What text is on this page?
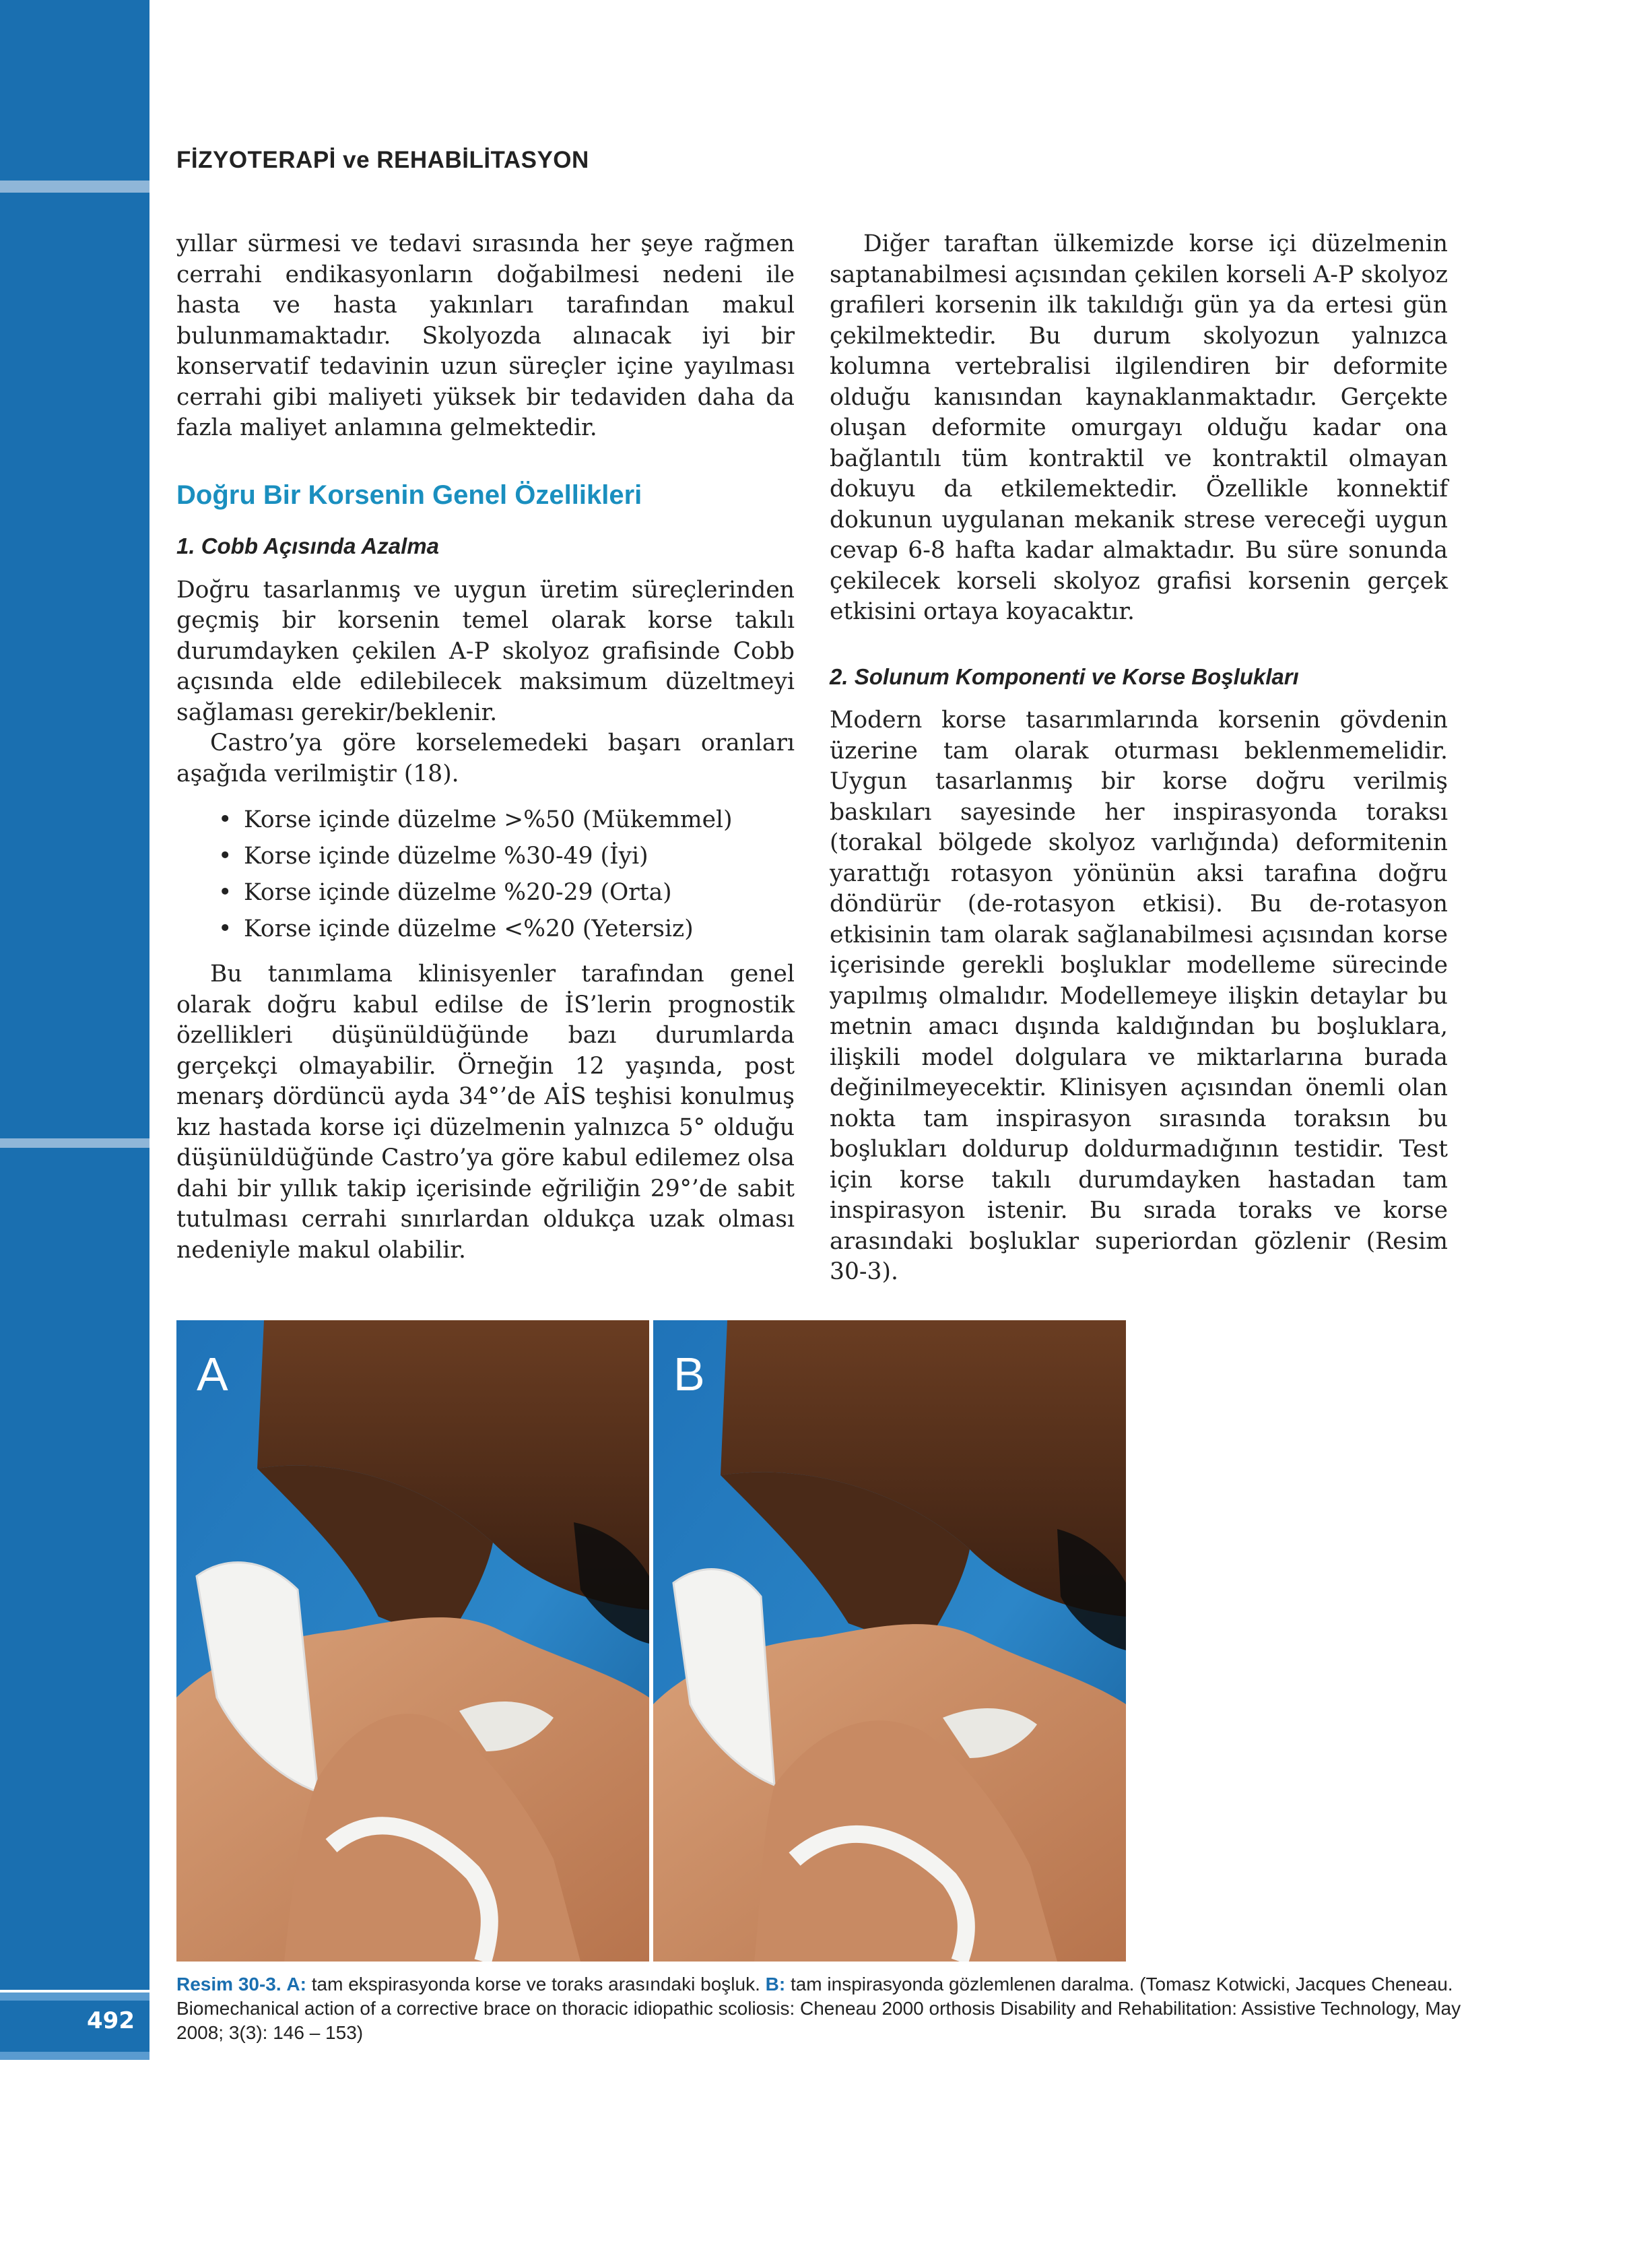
492
FİZYOTERAPİ ve REHABİLİTASYON

yıllar sürmesi ve tedavi sırasında her şeye rağmen cerrahi endikasyonların doğabilmesi nedeni ile hasta ve hasta yakınları tarafından makul bulunmamaktadır. Skolyozda alınacak iyi bir konservatif tedavinin uzun süreçler içine yayılması cerrahi gibi maliyeti yüksek bir tedaviden daha da fazla maliyet anlamına gelmektedir.

Doğru Bir Korsenin Genel Özellikleri
1. Cobb Açısında Azalma

Doğru tasarlanmış ve uygun üretim süreçlerinden geçmiş bir korsenin temel olarak korse takılı durumdayken çekilen A-P skolyoz grafisinde Cobb açısında elde edilebilecek maksimum düzeltmeyi sağlaması gerekir/beklenir.

Castro’ya göre korselemedeki başarı oranları aşağıda verilmiştir (18).

• Korse içinde düzelme >%50 (Mükemmel)
• Korse içinde düzelme %30-49 (İyi)
• Korse içinde düzelme %20-29 (Orta)
• Korse içinde düzelme <%20 (Yetersiz)

Bu tanımlama klinisyenler tarafından genel olarak doğru kabul edilse de İS’lerin prognostik özellikleri düşünüldüğünde bazı durumlarda gerçekçi olmayabilir. Örneğin 12 yaşında, post menarş dördüncü ayda 34°’de AİS teşhisi konulmuş kız hastada korse içi düzelmenin yalnızca 5° olduğu düşünüldüğünde Castro’ya göre kabul edilemez olsa dahi bir yıllık takip içerisinde eğriliğin 29°’de sabit tutulması cerrahi sınırlardan oldukça uzak olması nedeniyle makul olabilir.

Diğer taraftan ülkemizde korse içi düzelmenin saptanabilmesi açısından çekilen korseli A-P skolyoz grafileri korsenin ilk takıldığı gün ya da ertesi gün çekilmektedir. Bu durum skolyozun yalnızca kolumna vertebralisi ilgilendiren bir deformite olduğu kanısından kaynaklanmaktadır. Gerçekte oluşan deformite omurgayı olduğu kadar ona bağlantılı tüm kontraktil ve kontraktil olmayan dokuyu da etkilemektedir. Özellikle konnektif dokunun uygulanan mekanik strese vereceği uygun cevap 6-8 hafta kadar almaktadır. Bu süre sonunda çekilecek korseli skolyoz grafisi korsenin gerçek etkisini ortaya koyacaktır.

2. Solunum Komponenti ve Korse Boşlukları

Modern korse tasarımlarında korsenin gövdenin üzerine tam olarak oturması beklenmemelidir. Uygun tasarlanmış bir korse doğru verilmiş baskıları sayesinde her inspirasyonda toraksı (torakal bölgede skolyoz varlığında) deformitenin yarattığı rotasyon yönünün aksi tarafına doğru döndürür (de-rotasyon etkisi). Bu de-rotasyon etkisinin tam olarak sağlanabilmesi açısından korse içerisinde gerekli boşluklar modelleme sürecinde yapılmış olmalıdır. Modellemeye ilişkin detaylar bu metnin amacı dışında kaldığından bu boşluklara, ilişkili model dolgulara ve miktarlarına burada değinilmeyecektir. Klinisyen açısından önemli olan nokta tam inspirasyon sırasında toraksın bu boşlukları doldurup doldurmadığının testidir. Test için korse takılı durumdayken hastadan tam inspirasyon istenir. Bu sırada toraks ve korse arasındaki boşluklar superiordan gözlenir (Resim 30-3).

A	B
Resim 30-3. A: tam ekspirasyonda korse ve toraks arasındaki boşluk. B: tam inspirasyonda gözlemlenen daralma. (Tomasz Kotwicki, Jacques Cheneau. Biomechanical action of a corrective brace on thoracic idiopathic scoliosis: Cheneau 2000 orthosis Disability and Rehabilitation: Assistive Technology, May 2008; 3(3): 146 – 153)
